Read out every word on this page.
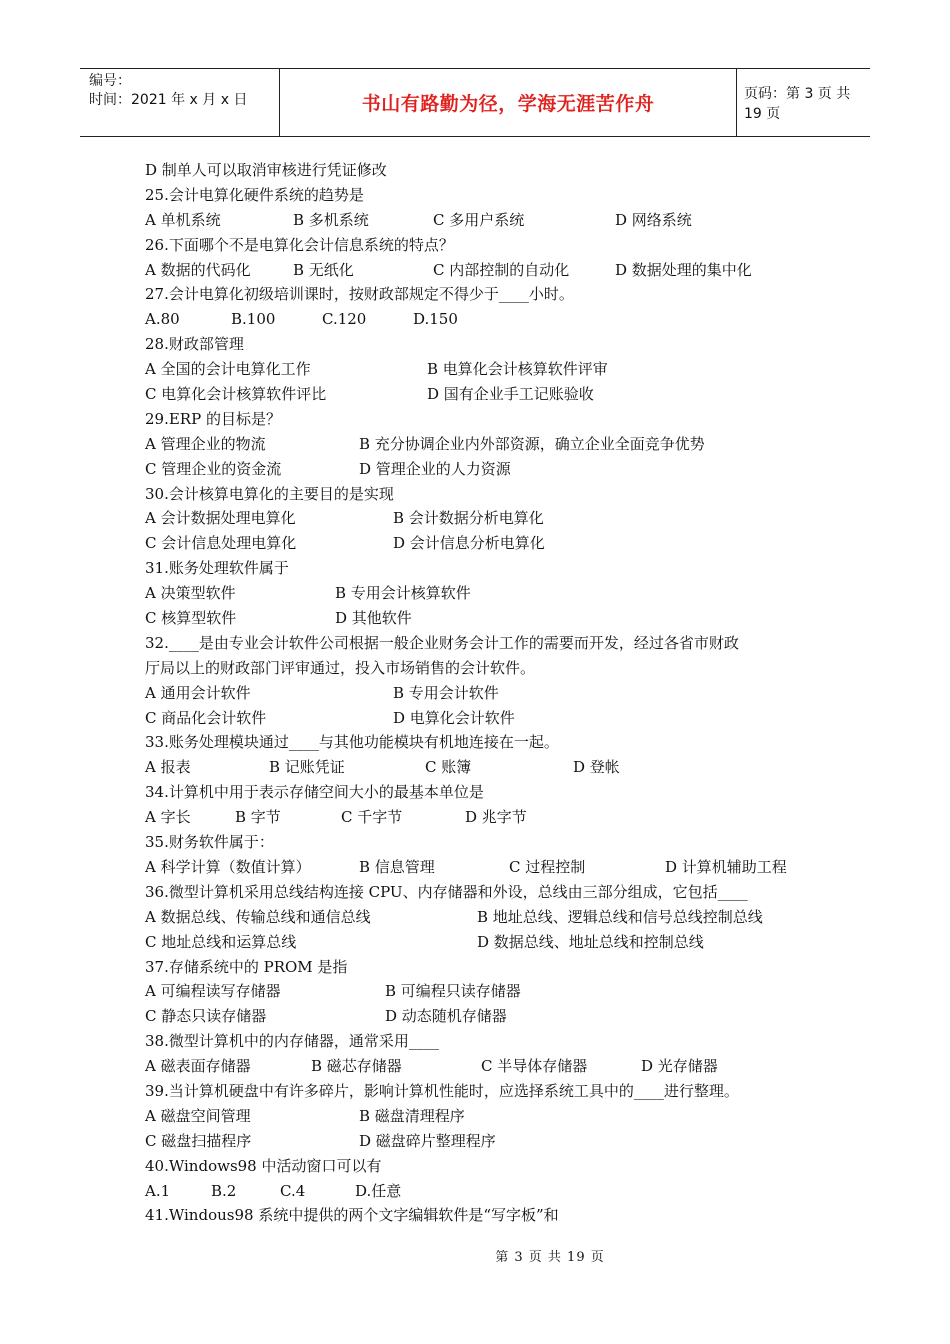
编号：
时间：2021 年 x 月 x 日	书山有路勤为径，学海无涯苦作舟	页码：第 3 页 共 19 页
D 制单人可以取消审核进行凭证修改
25.会计电算化硬件系统的趋势是
A 单机系统	B 多机系统	C 多用户系统	D 网络系统
26.下面哪个不是电算化会计信息系统的特点？
A 数据的代码化	B 无纸化	C 内部控制的自动化	D 数据处理的集中化
27.会计电算化初级培训课时，按财政部规定不得少于____小时。
A.80	B.100	C.120	D.150
28.财政部管理
A 全国的会计电算化工作	B 电算化会计核算软件评审
C 电算化会计核算软件评比	D 国有企业手工记账验收
29.ERP 的目标是？
A 管理企业的物流	B 充分协调企业内外部资源，确立企业全面竞争优势
C 管理企业的资金流	D 管理企业的人力资源
30.会计核算电算化的主要目的是实现
A 会计数据处理电算化	B 会计数据分析电算化
C 会计信息处理电算化	D 会计信息分析电算化
31.账务处理软件属于
A 决策型软件	B 专用会计核算软件
C 核算型软件	D 其他软件
32.____是由专业会计软件公司根据一般企业财务会计工作的需要而开发，经过各省市财政
厅局以上的财政部门评审通过，投入市场销售的会计软件。
A 通用会计软件	B 专用会计软件
C 商品化会计软件	D 电算化会计软件
33.账务处理模块通过____与其他功能模块有机地连接在一起。
A 报表	B 记账凭证	C 账簿	D 登帐
34.计算机中用于表示存储空间大小的最基本单位是
A 字长	B 字节	C 千字节	D 兆字节
35.财务软件属于：
A 科学计算（数值计算）	B 信息管理	C 过程控制	D 计算机辅助工程
36.微型计算机采用总线结构连接 CPU、内存储器和外设，总线由三部分组成，它包括____
A 数据总线、传输总线和通信总线	B 地址总线、逻辑总线和信号总线控制总线
C 地址总线和运算总线	D 数据总线、地址总线和控制总线
37.存储系统中的 PROM 是指
A 可编程读写存储器	B 可编程只读存储器
C 静态只读存储器	D 动态随机存储器
38.微型计算机中的内存储器，通常采用____
A 磁表面存储器	B 磁芯存储器	C 半导体存储器	D 光存储器
39.当计算机硬盘中有许多碎片，影响计算机性能时，应选择系统工具中的____进行整理。
A 磁盘空间管理	B 磁盘清理程序
C 磁盘扫描程序	D 磁盘碎片整理程序
40.Windows98 中活动窗口可以有
A.1	B.2	C.4	D.任意
41.Windous98 系统中提供的两个文字编辑软件是“写字板”和
第 3 页 共 19 页
